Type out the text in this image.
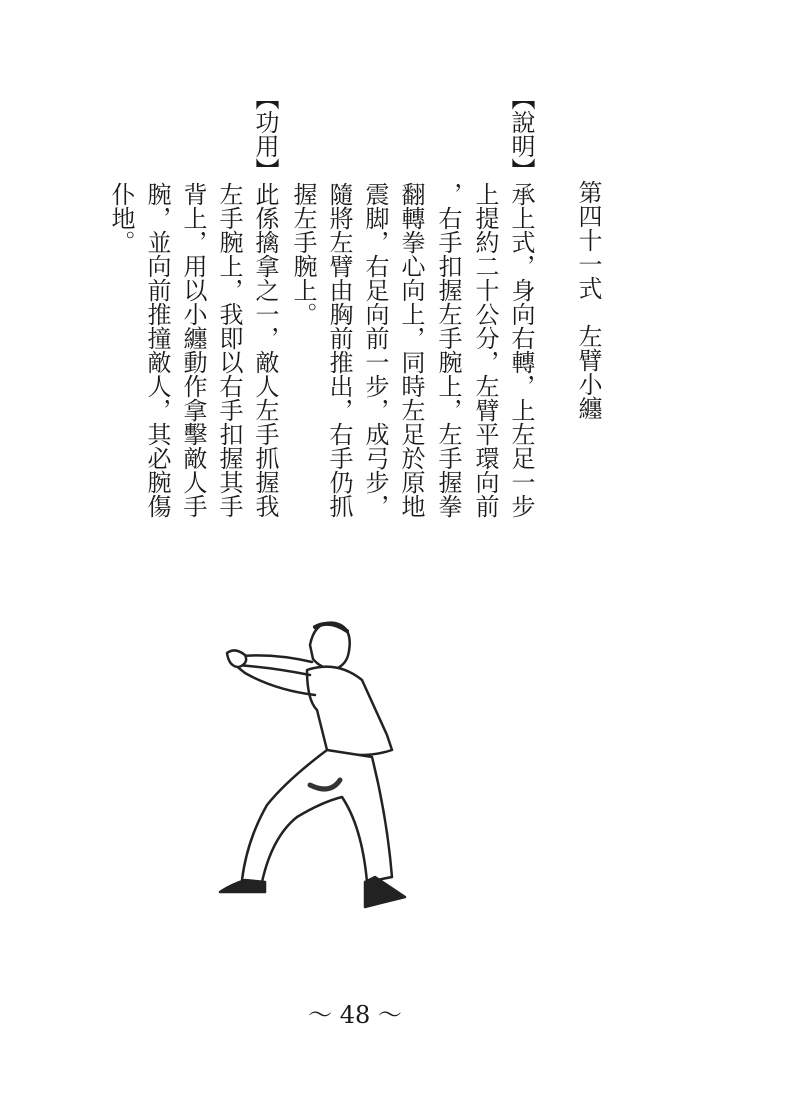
第四十一式　左臂小纏
【說明】承上式，身向右轉，上左足一步
上提約二十公分，左臂平環向前
，右手扣握左手腕上，左手握拳
翻轉拳心向上，同時左足於原地
震脚，右足向前一步，成弓步，
隨將左臂由胸前推出，右手仍抓
握左手腕上。
【功用】此係擒拿之一，敵人左手抓握我
左手腕上，我即以右手扣握其手
背上，用以小纏動作拿擊敵人手
腕，並向前推撞敵人，其必腕傷
仆地。
～ 48 ～
